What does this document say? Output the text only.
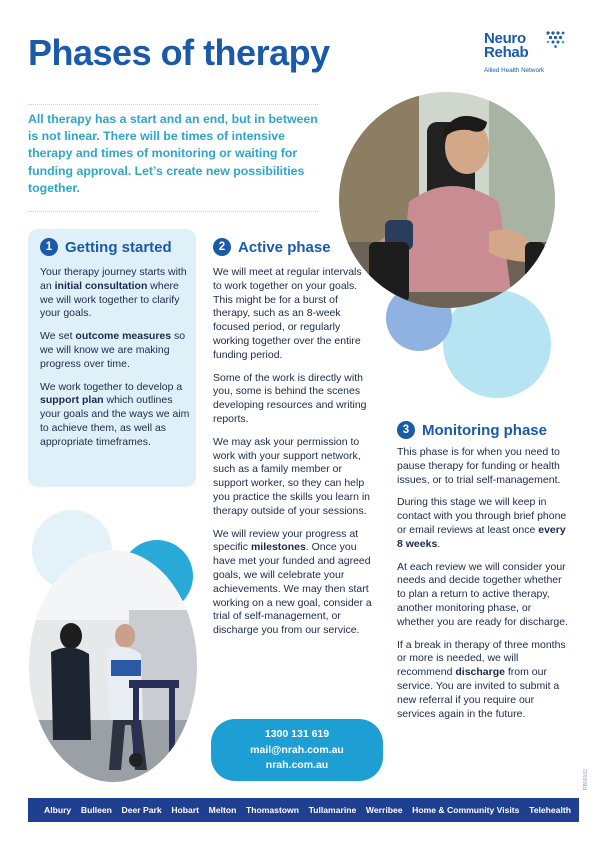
Phases of therapy	Neuro
Rehab
Allied Health Network
All therapy has a start and an end, but in between is not linear. There will be times of intensive therapy and times of monitoring or waiting for funding approval. Let’s create new possibilities together.
1 Getting started

Your therapy journey starts with an initial consultation where we will work together to clarify your goals.

We set outcome measures so we will know we are making progress over time.

We work together to develop a support plan which outlines your goals and the ways we aim to achieve them, as well as appropriate timeframes.

2 Active phase

We will meet at regular intervals to work together on your goals. This might be for a burst of therapy, such as an 8-week focused period, or regularly working together over the entire funding period.

Some of the work is directly with you, some is behind the scenes developing resources and writing reports.

We may ask your permission to work with your support network, such as a family member or support worker, so they can help you practice the skills you learn in therapy outside of your sessions.

We will review your progress at specific milestones. Once you have met your funded and agreed goals, we will celebrate your achievements. We may then start working on a new goal, consider a trial of self-management, or discharge you from our service.

1300 131 619
mail@nrah.com.au
nrah.com.au
3 Monitoring phase

This phase is for when you need to pause therapy for funding or health issues, or to trial self-management.

During this stage we will keep in contact with you through brief phone or email reviews at least once every 8 weeks.

At each review we will consider your needs and decide together whether to plan a return to active therapy, another monitoring phase, or whether you are ready for discharge.

If a break in therapy of three months or more is needed, we will recommend discharge from our service. You are invited to submit a new referral if you require our services again in the future.

Albury Bulleen Deer Park Hobart Melton Thomastown Tullamarine Werribee Home & Community Visits Telehealth
RB00102
